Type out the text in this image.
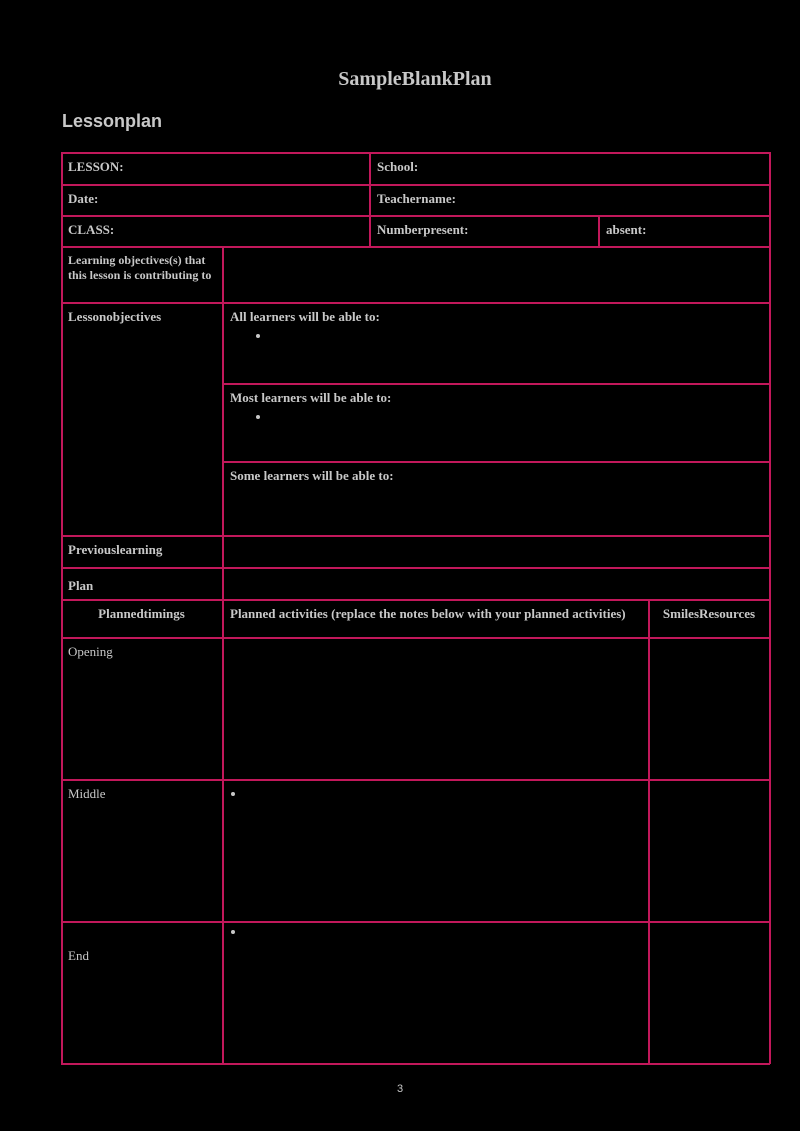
SampleBlankPlan
Lessonplan
LESSON:	School:
Date:	Teachername:
CLASS:	Numberpresent:	absent:
Learning objectives(s) that this lesson is contributing to
Lessonobjectives	All learners will be able to:
Most learners will be able to:
Some learners will be able to:
Previouslearning
Plan
Plannedtimings	Planned activities (replace the notes below with your planned activities)	SmilesResources
Opening
Middle
End
3
